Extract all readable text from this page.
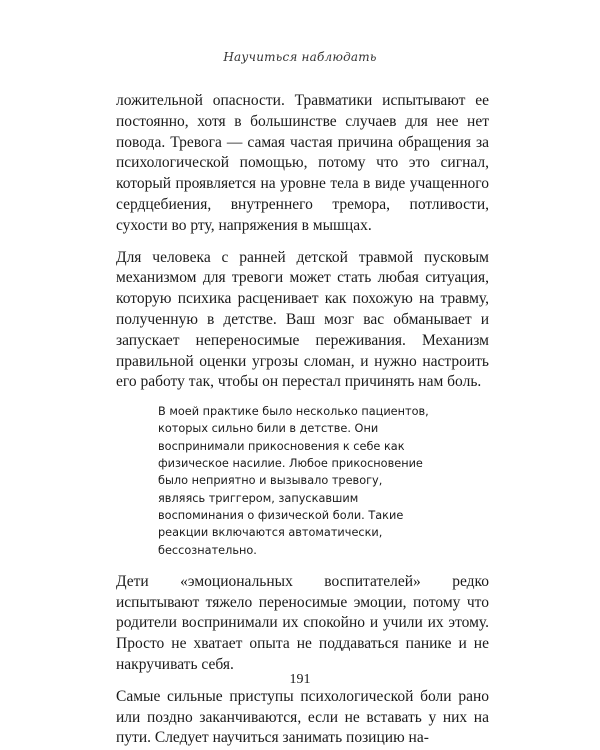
Научиться наблюдать

ложительной опасности. Травматики испытывают ее постоянно, хотя в большинстве случаев для нее нет повода. Тревога — самая частая причина обращения за психологической помощью, потому что это сигнал, который проявляется на уровне тела в виде учащенного сердцебиения, внутреннего тремора, потливости, сухости во рту, напряжения в мышцах.

Для человека с ранней детской травмой пусковым механизмом для тревоги может стать любая ситуация, которую психика расценивает как похожую на травму, полученную в детстве. Ваш мозг вас обманывает и запускает непереносимые переживания. Механизм правильной оценки угрозы сломан, и нужно настроить его работу так, чтобы он перестал причинять нам боль.

В моей практике было несколько пациентов, которых сильно били в детстве. Они воспринимали прикосновения к себе как физическое насилие. Любое прикосновение было неприятно и вызывало тревогу, являясь триггером, запускавшим воспоминания о физической боли. Такие реакции включаются автоматически, бессознательно.

Дети «эмоциональных воспитателей» редко испытывают тяжело переносимые эмоции, потому что родители воспринимали их спокойно и учили их этому. Просто не хватает опыта не поддаваться панике и не накручивать себя.

Самые сильные приступы психологической боли рано или поздно заканчиваются, если не вставать у них на пути. Следует научиться занимать позицию на-

191
